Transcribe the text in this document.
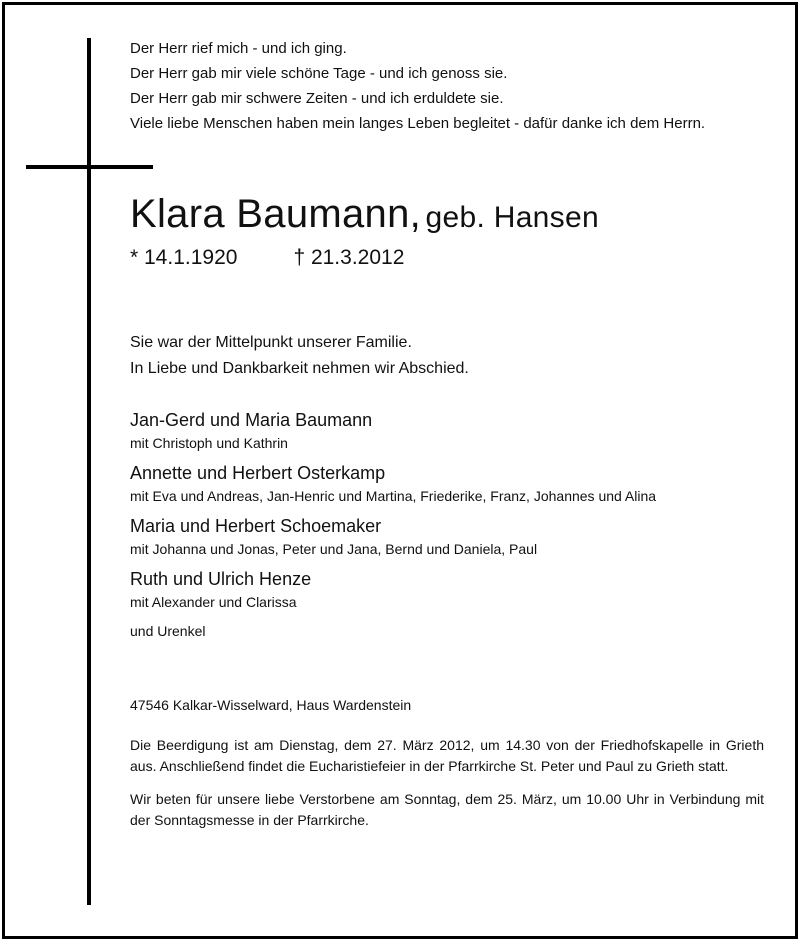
Der Herr rief mich - und ich ging.
Der Herr gab mir viele schöne Tage - und ich genoss sie.
Der Herr gab mir schwere Zeiten - und ich erduldete sie.
Viele liebe Menschen haben mein langes Leben begleitet - dafür danke ich dem Herrn.
Klara Baumann, geb. Hansen
* 14.1.1920	† 21.3.2012
Sie war der Mittelpunkt unserer Familie.
In Liebe und Dankbarkeit nehmen wir Abschied.
Jan-Gerd und Maria Baumann
mit Christoph und Kathrin
Annette und Herbert Osterkamp
mit Eva und Andreas, Jan-Henric und Martina, Friederike, Franz, Johannes und Alina
Maria und Herbert Schoemaker
mit Johanna und Jonas, Peter und Jana, Bernd und Daniela, Paul
Ruth und Ulrich Henze
mit Alexander und Clarissa
und Urenkel
47546 Kalkar-Wisselward, Haus Wardenstein
Die Beerdigung ist am Dienstag, dem 27. März 2012, um 14.30 von der Friedhofskapelle in Grieth aus. Anschließend findet die Eucharistiefeier in der Pfarrkirche St. Peter und Paul zu Grieth statt.
Wir beten für unsere liebe Verstorbene am Sonntag, dem 25. März, um 10.00 Uhr in Verbindung mit der Sonntagsmesse in der Pfarrkirche.
